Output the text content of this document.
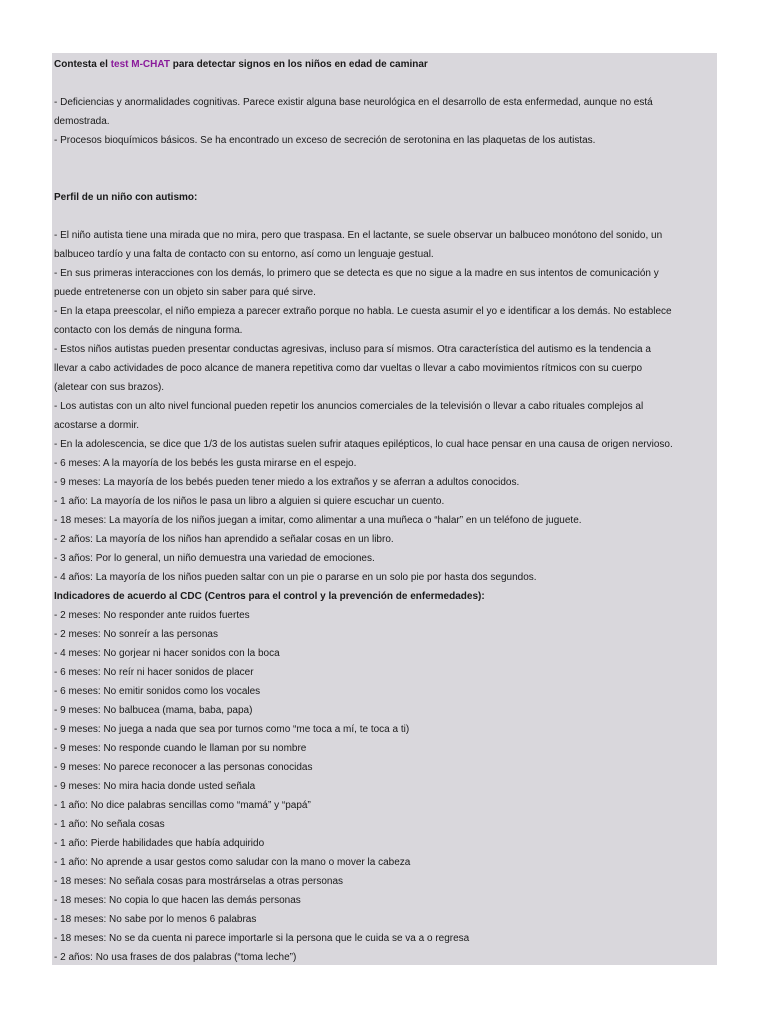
Contesta el test M-CHAT para detectar signos en los niños en edad de caminar
- Deficiencias y anormalidades cognitivas. Parece existir alguna base neurológica en el desarrollo de esta enfermedad, aunque no está
demostrada.
- Procesos bioquímicos básicos. Se ha encontrado un exceso de secreción de serotonina en las plaquetas de los autistas.
Perfil de un niño con autismo:
- El niño autista tiene una mirada que no mira, pero que traspasa. En el lactante, se suele observar un balbuceo monótono del sonido, un
balbuceo tardío y una falta de contacto con su entorno, así como un lenguaje gestual.
- En sus primeras interacciones con los demás, lo primero que se detecta es que no sigue a la madre en sus intentos de comunicación y
puede entretenerse con un objeto sin saber para qué sirve.
- En la etapa preescolar, el niño empieza a parecer extraño porque no habla. Le cuesta asumir el yo e identificar a los demás. No establece
contacto con los demás de ninguna forma.
- Estos niños autistas pueden presentar conductas agresivas, incluso para sí mismos. Otra característica del autismo es la tendencia a
llevar a cabo actividades de poco alcance de manera repetitiva como dar vueltas o llevar a cabo movimientos rítmicos con su cuerpo
(aletear con sus brazos).
- Los autistas con un alto nivel funcional pueden repetir los anuncios comerciales de la televisión o llevar a cabo rituales complejos al
acostarse a dormir.
- En la adolescencia, se dice que 1/3 de los autistas suelen sufrir ataques epilépticos, lo cual hace pensar en una causa de origen nervioso.
- 6 meses: A la mayoría de los bebés les gusta mirarse en el espejo.
- 9 meses: La mayoría de los bebés pueden tener miedo a los extraños y se aferran a adultos conocidos.
- 1 año: La mayoría de los niños le pasa un libro a alguien si quiere escuchar un cuento.
- 18 meses: La mayoría de los niños juegan a imitar, como alimentar a una muñeca o “halar” en un teléfono de juguete.
- 2 años: La mayoría de los niños han aprendido a señalar cosas en un libro.
- 3 años: Por lo general, un niño demuestra una variedad de emociones.
- 4 años: La mayoría de los niños pueden saltar con un pie o pararse en un solo pie por hasta dos segundos.
Indicadores de acuerdo al CDC (Centros para el control y la prevención de enfermedades):
- 2 meses: No responder ante ruidos fuertes
- 2 meses: No sonreír a las personas
- 4 meses: No gorjear ni hacer sonidos con la boca
- 6 meses: No reír ni hacer sonidos de placer
- 6 meses: No emitir sonidos como los vocales
- 9 meses: No balbucea (mama, baba, papa)
- 9 meses: No juega a nada que sea por turnos como “me toca a mí, te toca a ti)
- 9 meses: No responde cuando le llaman por su nombre
- 9 meses: No parece reconocer a las personas conocidas
- 9 meses: No mira hacia donde usted señala
- 1 año: No dice palabras sencillas como “mamá” y “papá”
- 1 año: No señala cosas
- 1 año: Pierde habilidades que había adquirido
- 1 año: No aprende a usar gestos como saludar con la mano o mover la cabeza
- 18 meses: No señala cosas para mostrárselas a otras personas
- 18 meses: No copia lo que hacen las demás personas
- 18 meses: No sabe por lo menos 6 palabras
- 18 meses: No se da cuenta ni parece importarle si la persona que le cuida se va a o regresa
- 2 años: No usa frases de dos palabras (“toma leche”)
